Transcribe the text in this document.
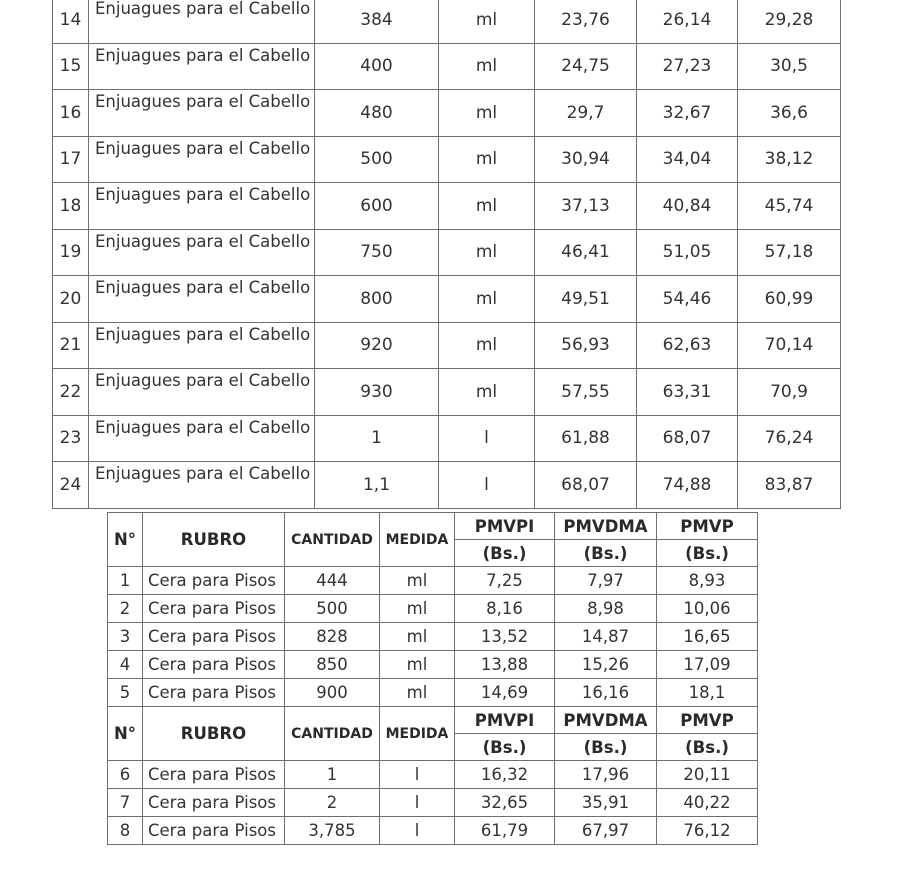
14	Enjuagues para el Cabello	384	ml	23,76	26,14	29,28
15	Enjuagues para el Cabello	400	ml	24,75	27,23	30,5
16	Enjuagues para el Cabello	480	ml	29,7	32,67	36,6
17	Enjuagues para el Cabello	500	ml	30,94	34,04	38,12
18	Enjuagues para el Cabello	600	ml	37,13	40,84	45,74
19	Enjuagues para el Cabello	750	ml	46,41	51,05	57,18
20	Enjuagues para el Cabello	800	ml	49,51	54,46	60,99
21	Enjuagues para el Cabello	920	ml	56,93	62,63	70,14
22	Enjuagues para el Cabello	930	ml	57,55	63,31	70,9
23	Enjuagues para el Cabello	1	l	61,88	68,07	76,24
24	Enjuagues para el Cabello	1,1	l	68,07	74,88	83,87
N°	RUBRO	CANTIDAD	MEDIDA	PMVPI	PMVDMA	PMVP
				(Bs.)	(Bs.)	(Bs.)
1	Cera para Pisos	444	ml	7,25	7,97	8,93
2	Cera para Pisos	500	ml	8,16	8,98	10,06
3	Cera para Pisos	828	ml	13,52	14,87	16,65
4	Cera para Pisos	850	ml	13,88	15,26	17,09
5	Cera para Pisos	900	ml	14,69	16,16	18,1
N°	RUBRO	CANTIDAD	MEDIDA	PMVPI	PMVDMA	PMVP
				(Bs.)	(Bs.)	(Bs.)
6	Cera para Pisos	1	l	16,32	17,96	20,11
7	Cera para Pisos	2	l	32,65	35,91	40,22
8	Cera para Pisos	3,785	l	61,79	67,97	76,12
